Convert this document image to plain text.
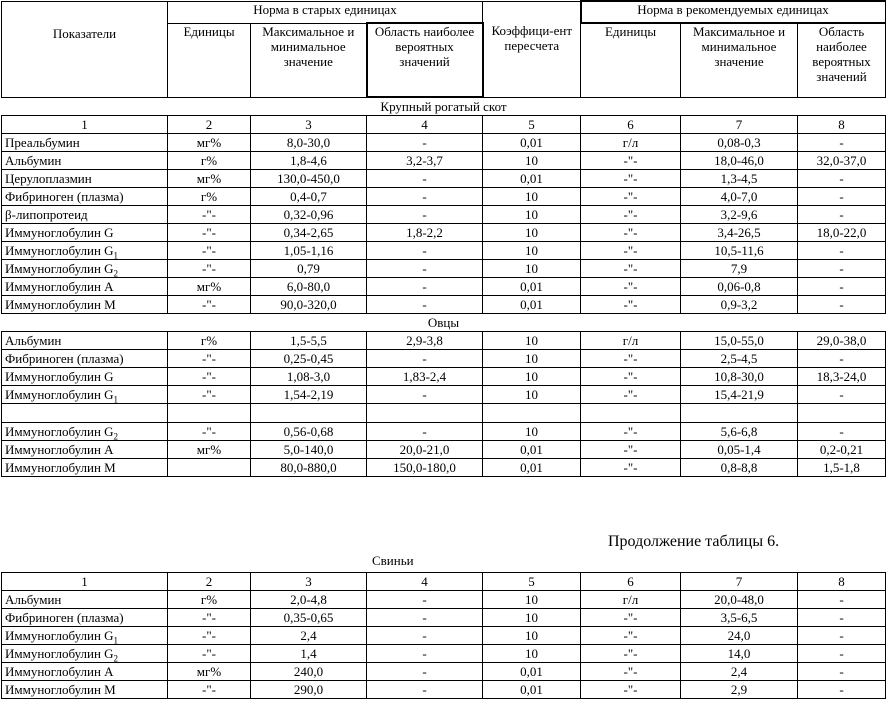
Показатели	Норма в старых единицах				Норма в рекомендуемых единицах		
	Единицы	Максимальное и минимальное значение	Область наиболее вероятных значений	Коэффици-ент пересчета	Единицы	Максимальное и минимальное значение	Область наиболее вероятных значений
Крупный рогатый скот							
1	2	3	4	5	6	7	8
Преальбумин	мг%	8,0-30,0	-	0,01	г/л	0,08-0,3	-
Альбумин	г%	1,8-4,6	3,2-3,7	10	-"-	18,0-46,0	32,0-37,0
Церулоплазмин	мг%	130,0-450,0	-	0,01	-"-	1,3-4,5	-
Фибриноген (плазма)	г%	0,4-0,7	-	10	-"-	4,0-7,0	-
β-липопротеид	-"-	0,32-0,96	-	10	-"-	3,2-9,6	-
Иммуноглобулин G	-"-	0,34-2,65	1,8-2,2	10	-"-	3,4-26,5	18,0-22,0
Иммуноглобулин $G_1$	-"-	1,05-1,16	-	10	-"-	10,5-11,6	-
Иммуноглобулин $G_2$	-"-	0,79	-	10	-"-	7,9	-
Иммуноглобулин А	мг%	6,0-80,0	-	0,01	-"-	0,06-0,8	-
Иммуноглобулин М	-"-	90,0-320,0	-	0,01	-"-	0,9-3,2	-
Овцы							
Альбумин	г%	1,5-5,5	2,9-3,8	10	г/л	15,0-55,0	29,0-38,0
Фибриноген (плазма)	-"-	0,25-0,45	-	10	-"-	2,5-4,5	-
Иммуноглобулин G	-"-	1,08-3,0	1,83-2,4	10	-"-	10,8-30,0	18,3-24,0
Иммуноглобулин $G_1$	-"-	1,54-2,19	-	10	-"-	15,4-21,9	-

Иммуноглобулин $G_2$	-"-	0,56-0,68	-	10	-"-	5,6-6,8	-
Иммуноглобулин А	мг%	5,0-140,0	20,0-21,0	0,01	-"-	0,05-1,4	0,2-0,21
Иммуноглобулин М		80,0-880,0	150,0-180,0	0,01	-"-	0,8-8,8	1,5-1,8
Продолжение таблицы 6.
Свиньи
1	2	3	4	5	6	7	8
Альбумин	г%	2,0-4,8	-	10	г/л	20,0-48,0	-
Фибриноген (плазма)	-"-	0,35-0,65	-	10	-"-	3,5-6,5	-
Иммуноглобулин $G_1$	-"-	2,4	-	10	-"-	24,0	-
Иммуноглобулин $G_2$	-"-	1,4	-	10	-"-	14,0	-
Иммуноглобулин А	мг%	240,0	-	0,01	-"-	2,4	-
Иммуноглобулин М	-"-	290,0	-	0,01	-"-	2,9	-
